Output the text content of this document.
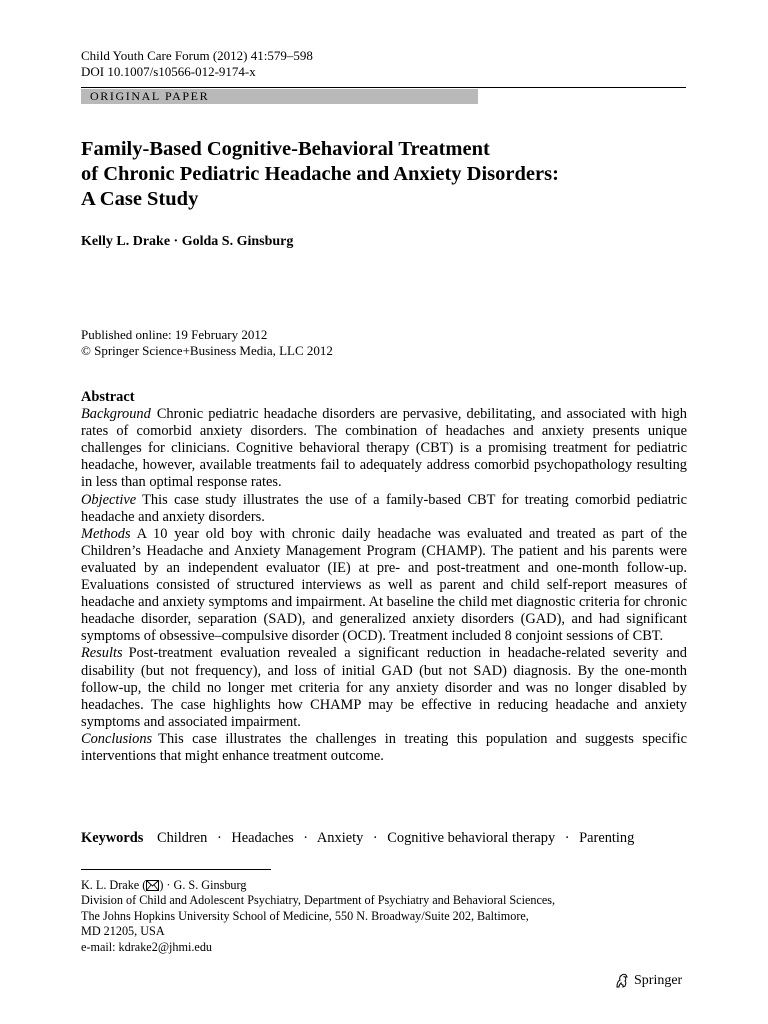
Child Youth Care Forum (2012) 41:579–598
DOI 10.1007/s10566-012-9174-x
ORIGINAL PAPER
Family-Based Cognitive-Behavioral Treatment
of Chronic Pediatric Headache and Anxiety Disorders:
A Case Study
Kelly L. Drake · Golda S. Ginsburg
Published online: 19 February 2012
© Springer Science+Business Media, LLC 2012
Abstract

Background Chronic pediatric headache disorders are pervasive, debilitating, and associated with high rates of comorbid anxiety disorders. The combination of headaches and anxiety presents unique challenges for clinicians. Cognitive behavioral therapy (CBT) is a promising treatment for pediatric headache, however, available treatments fail to adequately address comorbid psychopathology resulting in less than optimal response rates.

Objective This case study illustrates the use of a family-based CBT for treating comorbid pediatric headache and anxiety disorders.

Methods A 10 year old boy with chronic daily headache was evaluated and treated as part of the Children’s Headache and Anxiety Management Program (CHAMP). The patient and his parents were evaluated by an independent evaluator (IE) at pre- and post-treatment and one-month follow-up. Evaluations consisted of structured interviews as well as parent and child self-report measures of headache and anxiety symptoms and impairment. At baseline the child met diagnostic criteria for chronic headache disorder, separation (SAD), and generalized anxiety disorders (GAD), and had significant symptoms of obsessive–compulsive disorder (OCD). Treatment included 8 conjoint sessions of CBT.

Results Post-treatment evaluation revealed a significant reduction in headache-related severity and disability (but not frequency), and loss of initial GAD (but not SAD) diagnosis. By the one-month follow-up, the child no longer met criteria for any anxiety disorder and was no longer disabled by headaches. The case highlights how CHAMP may be effective in reducing headache and anxiety symptoms and associated impairment.

Conclusions This case illustrates the challenges in treating this population and suggests specific interventions that might enhance treatment outcome.

Keywords Children · Headaches · Anxiety · Cognitive behavioral therapy · Parenting
K. L. Drake ( ) · G. S. Ginsburg
Division of Child and Adolescent Psychiatry, Department of Psychiatry and Behavioral Sciences,
The Johns Hopkins University School of Medicine, 550 N. Broadway/Suite 202, Baltimore,
MD 21205, USA
e-mail: kdrake2@jhmi.edu
Springer
